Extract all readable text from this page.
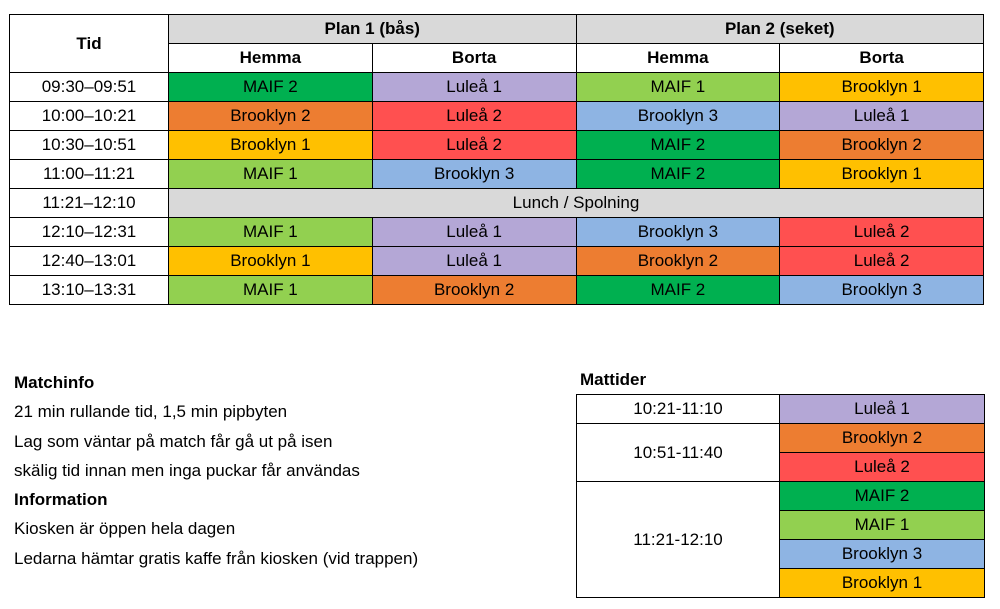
Tid	Plan 1 (bås)		Plan 2 (seket)	
	Hemma	Borta	Hemma	Borta
09:30–09:51	MAIF 2	Luleå 1	MAIF 1	Brooklyn 1
10:00–10:21	Brooklyn 2	Luleå 2	Brooklyn 3	Luleå 1
10:30–10:51	Brooklyn 1	Luleå 2	MAIF 2	Brooklyn 2
11:00–11:21	MAIF 1	Brooklyn 3	MAIF 2	Brooklyn 1
11:21–12:10	Lunch / Spolning			
12:10–12:31	MAIF 1	Luleå 1	Brooklyn 3	Luleå 2
12:40–13:01	Brooklyn 1	Luleå 1	Brooklyn 2	Luleå 2
13:10–13:31	MAIF 1	Brooklyn 2	MAIF 2	Brooklyn 3
Matchinfo
21 min rullande tid, 1,5 min pipbyten
Lag som väntar på match får gå ut på isen
skälig tid innan men inga puckar får användas
Information
Kiosken är öppen hela dagen
Ledarna hämtar gratis kaffe från kiosken (vid trappen)
Mattider
10:21-11:10	Luleå 1
10:51-11:40	Brooklyn 2
	Luleå 2
11:21-12:10	MAIF 2
	MAIF 1
	Brooklyn 3
	Brooklyn 1
